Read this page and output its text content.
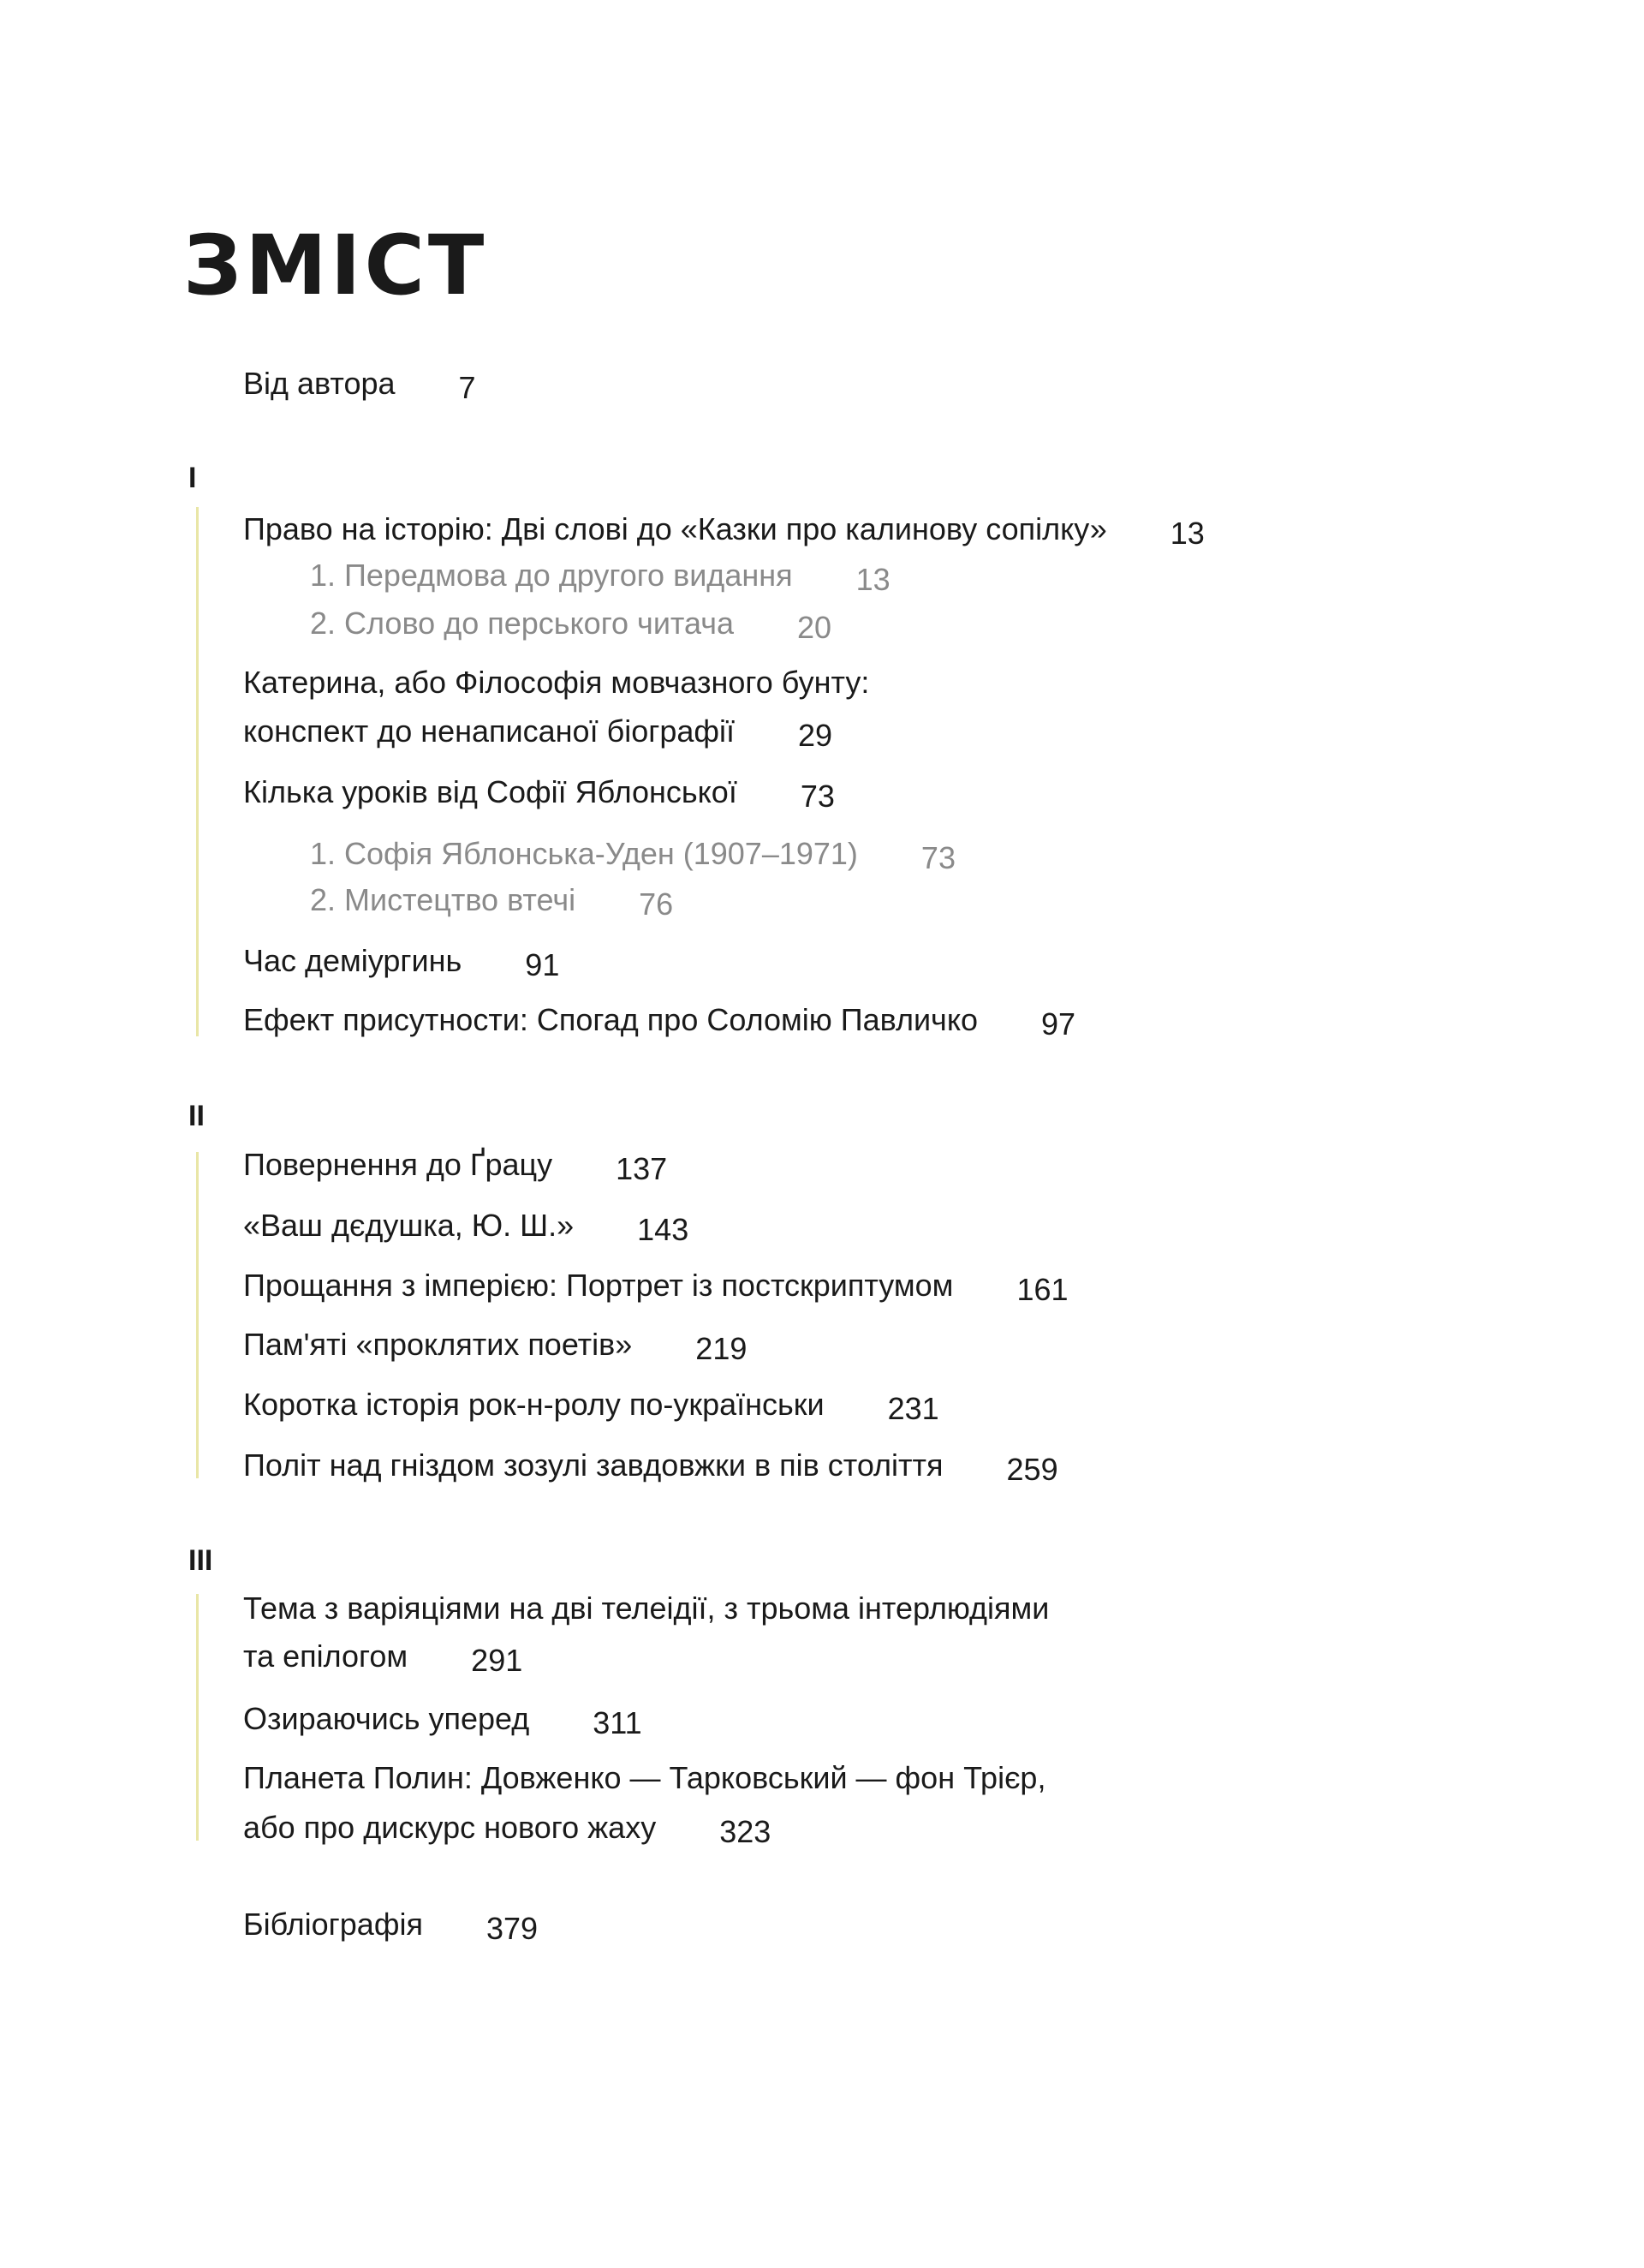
ЗМІСТ
Від автора 7
I
Право на історію: Дві слові до «Казки про калинову сопілку» 13
1. Передмова до другого видання 13
2. Слово до перського читача 20
Катерина, або Філософія мовчазного бунту:
конспект до ненаписаної біографії 29
Кілька уроків від Софії Яблонської 73
1. Софія Яблонська-Уден (1907–1971) 73
2. Мистецтво втечі 76
Час деміургинь 91
Ефект присутности: Спогад про Соломію Павличко 97
II
Повернення до Ґрацу 137
«Ваш дєдушка, Ю. Ш.» 143
Прощання з імперією: Портрет із постскриптумом 161
Пам'яті «проклятих поетів» 219
Коротка історія рок-н-ролу по-українськи 231
Політ над гніздом зозулі завдовжки в пів століття 259
III
Тема з варіяціями на дві телеідії, з трьома інтерлюдіями
та епілогом 291
Озираючись уперед 311
Планета Полин: Довженко — Тарковський — фон Трієр,
або про дискурс нового жаху 323
Бібліографія 379
